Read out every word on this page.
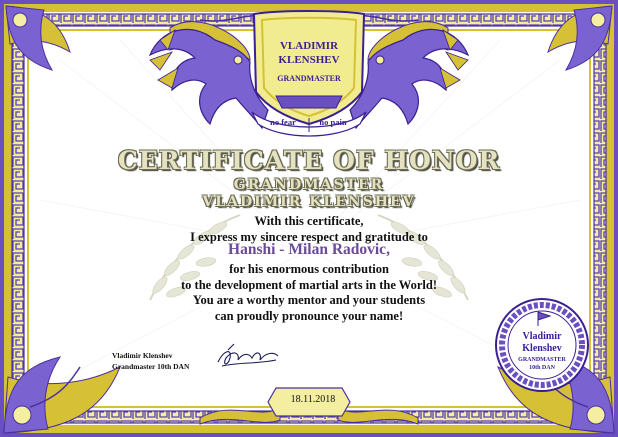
VLADIMIR
KLENSHEV
GRANDMASTER
no fear	no pain
Vladimir
Klenshev
GRANDMASTER
10th DAN
CERTIFICATE OF HONOR
GRANDMASTER
VLADIMIR KLENSHEV
With this certificate,
I express my sincere respect and gratitude to
Hanshi - Milan Radovic,
for his enormous contribution
to the development of martial arts in the World!
You are a worthy mentor and your students
can proudly pronounce your name!
Vladimir Klenshev
Grandmaster 10th DAN
18.11.2018
